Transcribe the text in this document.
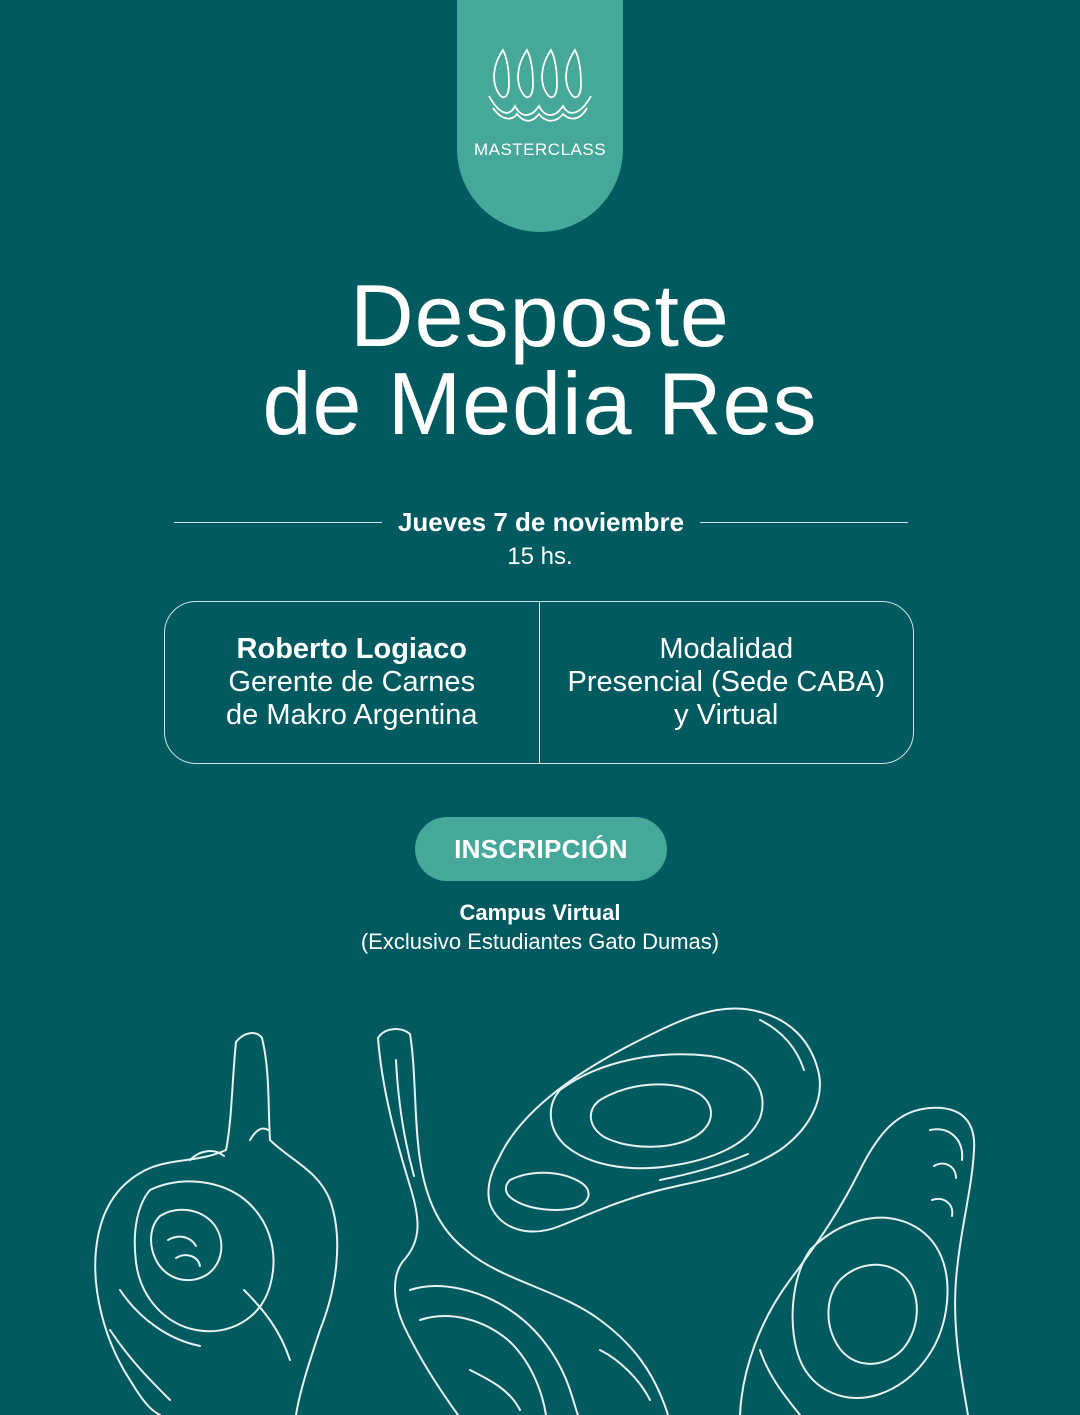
MASTERCLASS
Desposte
de Media Res
Jueves 7 de noviembre
15 hs.
Roberto Logiaco
Gerente de Carnes
de Makro Argentina
Modalidad
Presencial (Sede CABA)
y Virtual
INSCRIPCIÓN
Campus Virtual
(Exclusivo Estudiantes Gato Dumas)
